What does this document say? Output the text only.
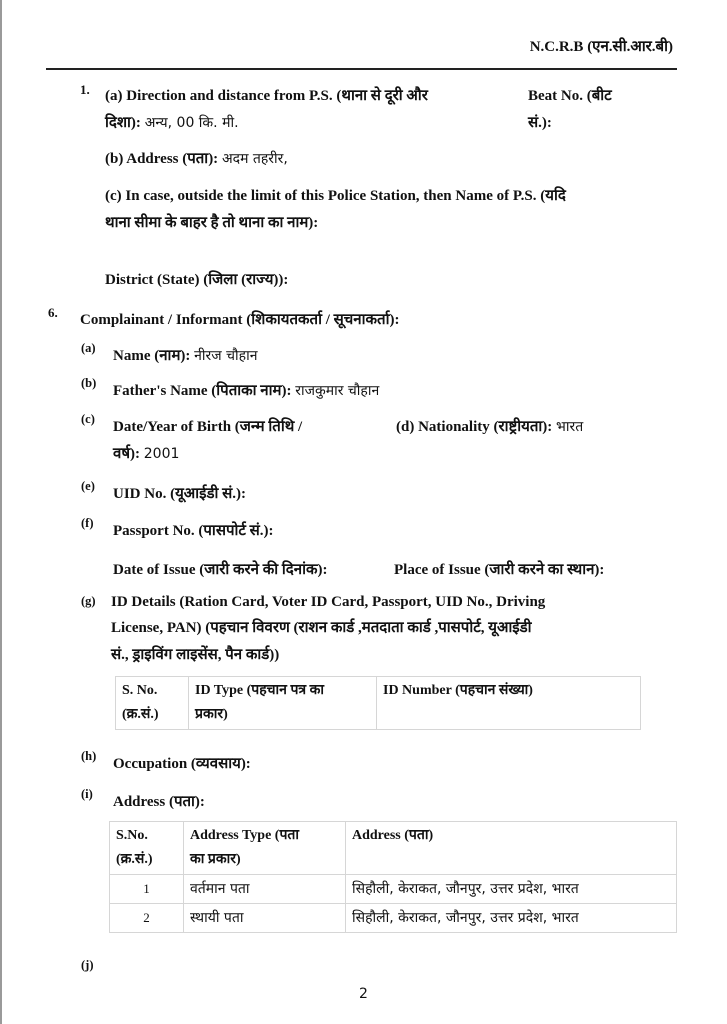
N.C.R.B (एन.सी.आर.बी)
1. (a) Direction and distance from P.S. (थाना से दूरी और
दिशा): अन्य, 00 कि. मी.
Beat No. (बीट
सं.):
(b) Address (पता): अदम तहरीर,
(c) In case, outside the limit of this Police Station, then Name of P.S. (यदि
थाना सीमा के बाहर है तो थाना का नाम):
District (State) (जिला (राज्य)):
6. Complainant / Informant (शिकायतकर्ता / सूचनाकर्ता):
(a) Name (नाम): नीरज चौहान
(b) Father's Name (पिताका नाम): राजकुमार चौहान
(c) Date/Year of Birth (जन्म तिथि /
वर्ष): 2001
(d) Nationality (राष्ट्रीयता): भारत
(e) UID No. (यूआईडी सं.):
(f) Passport No. (पासपोर्ट सं.):
Date of Issue (जारी करने की दिनांक):	Place of Issue (जारी करने का स्थान):
(g) ID Details (Ration Card, Voter ID Card, Passport, UID No., Driving
License, PAN) (पहचान विवरण (राशन कार्ड ,मतदाता कार्ड ,पासपोर्ट, यूआईडी
सं., ड्राइविंग लाइसेंस, पैन कार्ड))
S. No.
(क्र.सं.)	ID Type (पहचान पत्र का
प्रकार)	ID Number (पहचान संख्या)
(h) Occupation (व्यवसाय):
(i) Address (पता):
S.No.
(क्र.सं.)	Address Type (पता
का प्रकार)	Address (पता)
1	वर्तमान पता	सिहौली, केराकत, जौनपुर, उत्तर प्रदेश, भारत
2	स्थायी पता	सिहौली, केराकत, जौनपुर, उत्तर प्रदेश, भारत
(j)
2
